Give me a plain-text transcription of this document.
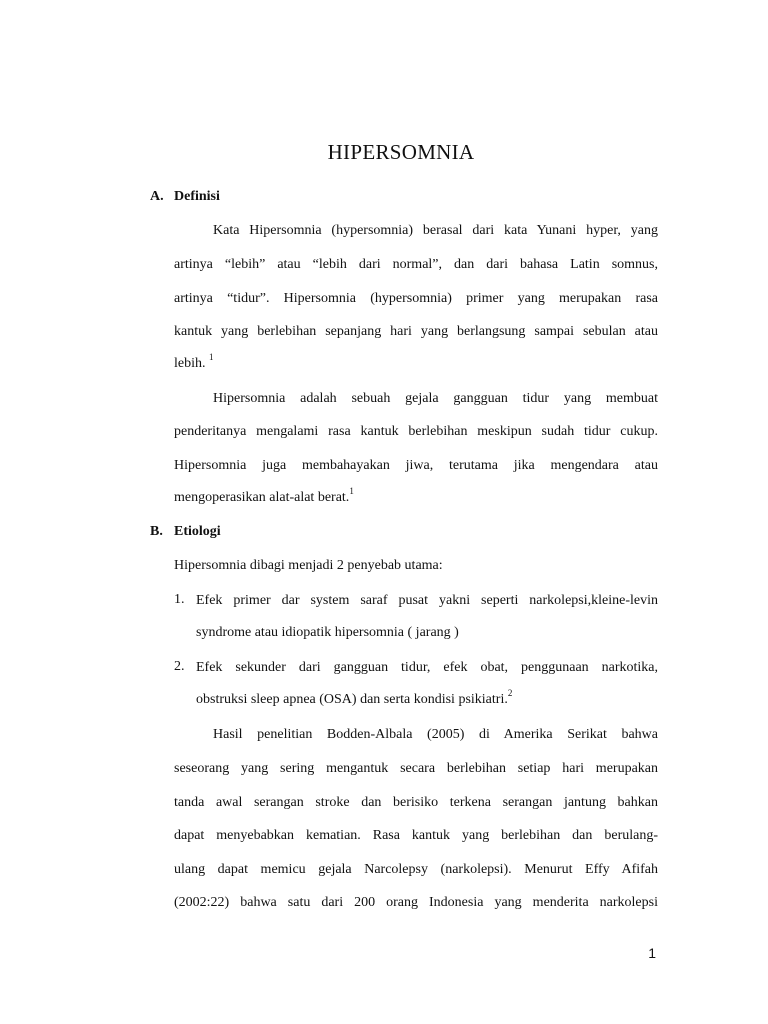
HIPERSOMNIA
A. Definisi
Kata Hipersomnia (hypersomnia) berasal dari kata Yunani hyper, yang
artinya “lebih” atau “lebih dari normal”, dan dari bahasa Latin somnus,
artinya “tidur”. Hipersomnia (hypersomnia) primer yang merupakan rasa
kantuk yang berlebihan sepanjang hari yang berlangsung sampai sebulan atau
lebih. $^1$
Hipersomnia adalah sebuah gejala gangguan tidur yang membuat
penderitanya mengalami rasa kantuk berlebihan meskipun sudah tidur cukup.
Hipersomnia juga membahayakan jiwa, terutama jika mengendara atau
mengoperasikan alat-alat berat.$^1$
B. Etiologi
Hipersomnia dibagi menjadi 2 penyebab utama:
1. Efek primer dar system saraf pusat yakni seperti narkolepsi,kleine-levin
syndrome atau idiopatik hipersomnia ( jarang )
2. Efek sekunder dari gangguan tidur, efek obat, penggunaan narkotika,
obstruksi sleep apnea (OSA) dan serta kondisi psikiatri.$^2$
Hasil penelitian Bodden-Albala (2005) di Amerika Serikat bahwa
seseorang yang sering mengantuk secara berlebihan setiap hari merupakan
tanda awal serangan stroke dan berisiko terkena serangan jantung bahkan
dapat menyebabkan kematian. Rasa kantuk yang berlebihan dan berulang-
ulang dapat memicu gejala Narcolepsy (narkolepsi). Menurut Effy Afifah
(2002:22) bahwa satu dari 200 orang Indonesia yang menderita narkolepsi
1
